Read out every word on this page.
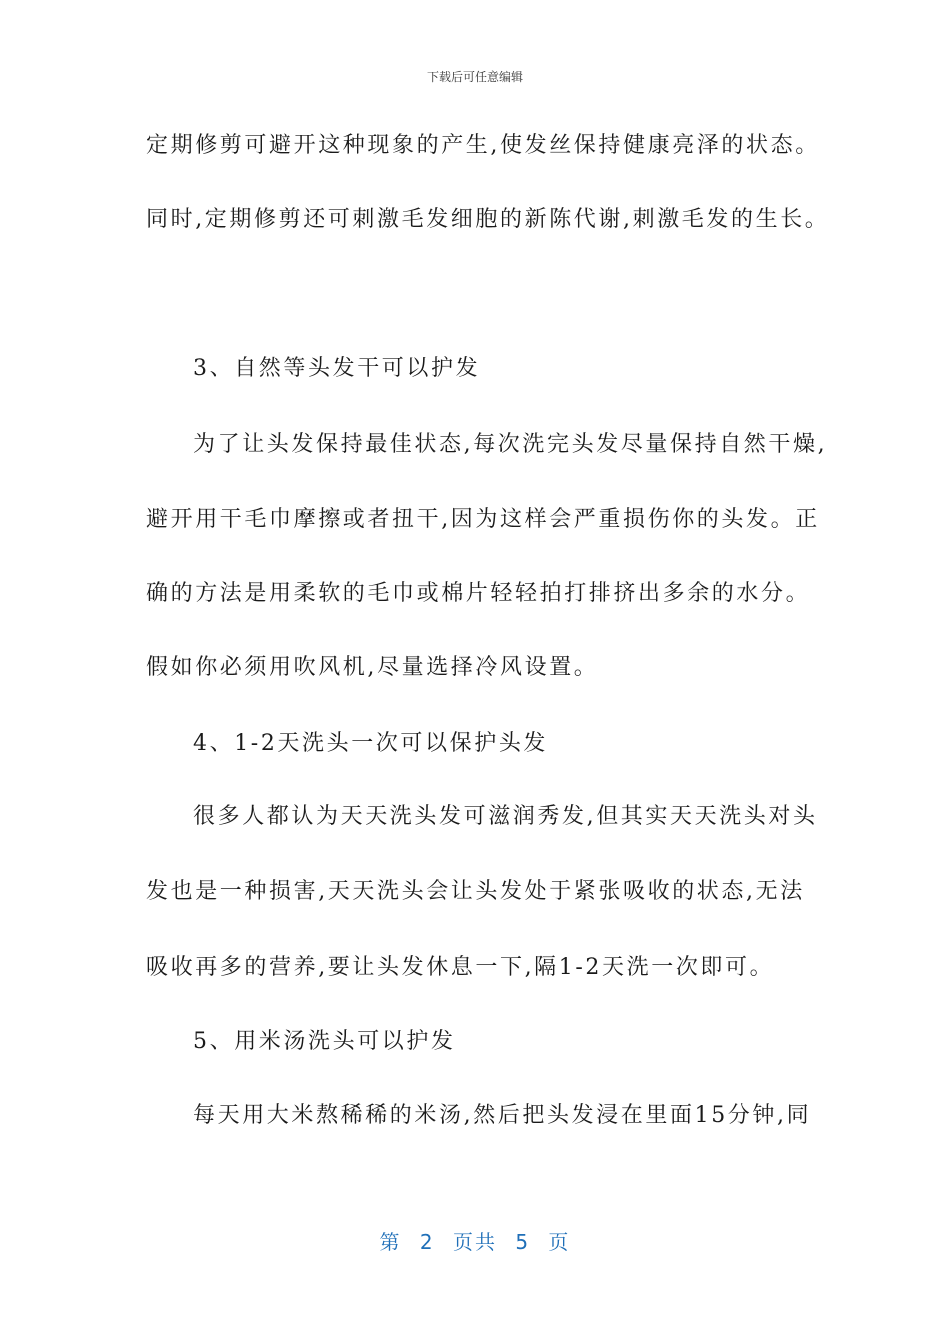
下载后可任意编辑
定期修剪可避开这种现象的产生,使发丝保持健康亮泽的状态。
同时,定期修剪还可刺激毛发细胞的新陈代谢,刺激毛发的生长。
3、自然等头发干可以护发
为了让头发保持最佳状态,每次洗完头发尽量保持自然干燥,
避开用干毛巾摩擦或者扭干,因为这样会严重损伤你的头发。正
确的方法是用柔软的毛巾或棉片轻轻拍打排挤出多余的水分。
假如你必须用吹风机,尽量选择冷风设置。
4、1-2天洗头一次可以保护头发
很多人都认为天天洗头发可滋润秀发,但其实天天洗头对头
发也是一种损害,天天洗头会让头发处于紧张吸收的状态,无法
吸收再多的营养,要让头发休息一下,隔1-2天洗一次即可。
5、用米汤洗头可以护发
每天用大米熬稀稀的米汤,然后把头发浸在里面15分钟,同
第 2 页共 5 页
